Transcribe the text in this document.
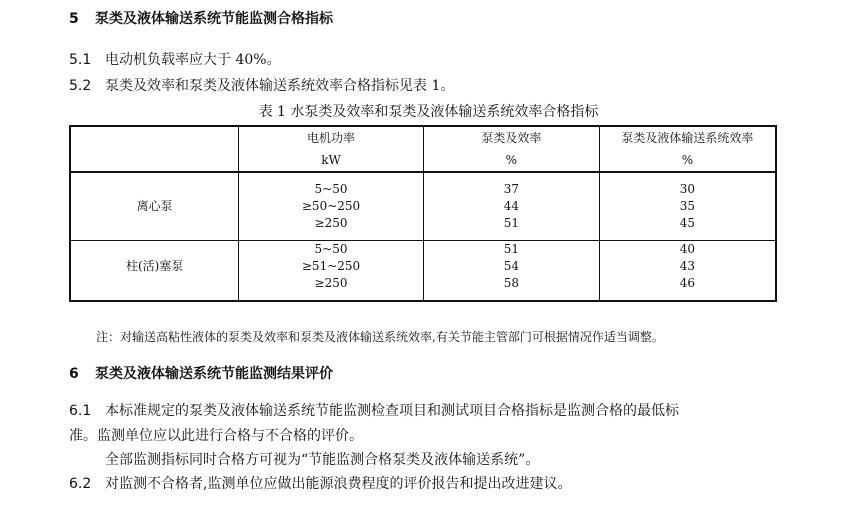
5 泵类及液体输送系统节能监测合格指标
5.1 电动机负载率应大于 40%。
5.2 泵类及效率和泵类及液体输送系统效率合格指标见表 1。
表 1 水泵类及效率和泵类及液体输送系统效率合格指标
	电机功率	泵类及效率	泵类及液体输送系统效率
	kW	%	%

离心泵	5~50	37	30
	≥50~250	44	35
	≥250	51	45

柱(活)塞泵	5~50	51	40
	≥51~250	54	43
	≥250	58	46

注：对输送高粘性液体的泵类及效率和泵类及液体输送系统效率,有关节能主管部门可根据情况作适当调整。
6 泵类及液体输送系统节能监测结果评价
6.1 本标准规定的泵类及液体输送系统节能监测检查项目和测试项目合格指标是监测合格的最低标
准。监测单位应以此进行合格与不合格的评价。
全部监测指标同时合格方可视为“节能监测合格泵类及液体输送系统”。
6.2 对监测不合格者,监测单位应做出能源浪费程度的评价报告和提出改进建议。
